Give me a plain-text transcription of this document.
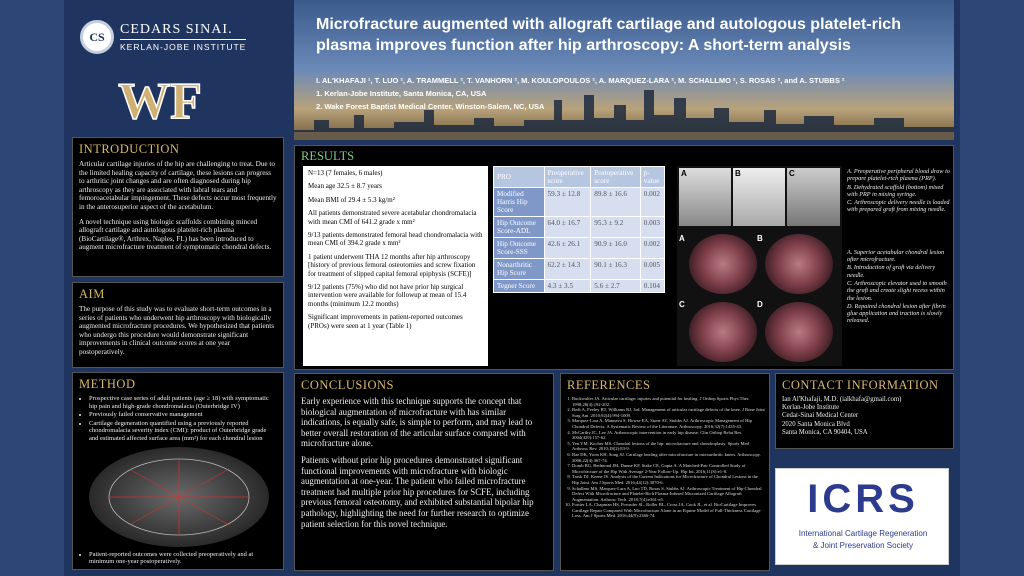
CS	CEDARS SINAI.
KERLAN-JOBE INSTITUTE
WF
Microfracture augmented with allograft cartilage and autologous platelet-rich plasma improves function after hip arthroscopy: A short-term analysis
I. AL'KHAFAJI ¹, T. LUO ², A. TRAMMELL ², T. VANHORN ², M. KOULOPOULOS ², A. MARQUEZ-LARA ², M. SCHALLMO ², S. ROSAS ², and A. STUBBS ²
1. Kerlan-Jobe Institute, Santa Monica, CA, USA
2. Wake Forest Baptist Medical Center, Winston-Salem, NC, USA
INTRODUCTION

Articular cartilage injuries of the hip are challenging to treat. Due to the limited healing capacity of cartilage, these lesions can progress to arthritic joint changes and are often diagnosed during hip arthroscopy as they are associated with labral tears and femoroacetabular impingement. These defects occur most frequently in the anterosuperior aspect of the acetabulum.

A novel technique using biologic scaffolds combining minced allograft cartilage and autologous platelet-rich plasma (BioCartilage®, Arthrex, Naples, FL) has been introduced to augment microfracture treatment of symptomatic chondral defects.

AIM

The purpose of this study was to evaluate short-term outcomes in a series of patients who underwent hip arthroscopy with biologically augmented microfracture procedures. We hypothesized that patients who undergo this procedure would demonstrate significant improvements in clinical outcome scores at one year postoperatively.

METHOD
• Prospective case series of adult patients (age ≥ 18) with symptomatic hip pain and high-grade chondromalacia (Outerbridge IV)
• Previously failed conservative management
• Cartilage degeneration quantified using a previously reported chondromalacia severity index (CMI): product of Outerbridge grade and estimated affected surface area (mm²) for each chondral lesion
• Patient-reported outcomes were collected preoperatively and at minimum one-year postoperatively.
RESULTS
N=13 (7 females, 6 males)
Mean age 32.5 ± 8.7 years
Mean BMI of 29.4 ± 5.3 kg/m²
All patients demonstrated severe acetabular chondromalacia with mean CMI of 641.2 grade x mm²
9/13 patients demonstrated femoral head chondromalacia with mean CMI of 394.2 grade x mm²
1 patient underwent THA 12 months after hip arthroscopy [history of previous femoral osteotomies and screw fixation for treatment of slipped capital femoral epiphysis (SCFE)]
9/12 patients (75%) who did not have prior hip surgical intervention were available for followup at mean of 15.4 months (minimum 12.2 months)
Significant improvements in patient-reported outcomes (PROs) were seen at 1 year (Table 1)
PRO	Preoperative score	Postoperative score	p-value
Modified Harris Hip Score	59.3 ± 12.8	89.8 ± 16.6	0.002
Hip Outcome Score-ADL	64.0 ± 16.7	95.3 ± 9.2	0.003
Hip Outcome Score-SSS	42.6 ± 26.1	90.9 ± 16.0	0.002
Nonarthritic Hip Score	62.2 ± 14.3	90.1 ± 16.3	0.005
Tegner Score	4.3 ± 3.5	5.6 ± 2.7	0.104
A	B	C
A	B
C	D
A. Preoperative peripheral blood draw to prepare platelet-rich plasma (PRP).
B. Dehydrated scaffold (bottom) mixed with PRP in mixing syringe.
C. Arthroscopic delivery needle is loaded with prepared graft from mixing needle.
A. Superior acetabular chondral lesion after microfracture.
B. Introduction of graft via delivery needle.
C. Arthroscopic elevator used to smooth the graft and create slight recess within the lesion.
D. Repaired chondral lesion after fibrin glue application and traction is slowly released.
CONCLUSIONS

Early experience with this technique supports the concept that biological augmentation of microfracture with has similar indications, is equally safe, is simple to perform, and may lead to better overall restoration of the articular surface compared with microfracture alone.

Patients without prior hip procedures demonstrated significant functional improvements with microfracture with biologic augmentation at one-year. The patient who failed microfracture treatment had multiple prior hip procedures for SCFE, including previous femoral osteotomy, and exhibited substantial bipolar hip pathology, highlighting the need for further research to optimize patient selection for this novel technique.

REFERENCES
1. Buckwalter JA. Articular cartilage: injuries and potential for healing. J Orthop Sports Phys Ther. 1998;28(4):192-202.
2. Bedi A, Feeley BT, Williams RJ, 3rd. Management of articular cartilage defects of the knee. J Bone Joint Surg Am. 2010;92(4):994-1009.
3. Marquez-Lara A, Mannava S, Howse EA, Stone AV, Stubbs AJ. Arthroscopic Management of Hip Chondral Defects: A Systematic Review of the Literature. Arthroscopy. 2016;32(7):1435-43.
4. McCarthy JC, Lee JA. Arthroscopic intervention in early hip disease. Clin Orthop Relat Res. 2004(429):157-62.
5. Yen YM, Kocher MS. Chondral lesions of the hip: microfracture and chondroplasty. Sports Med Arthrosc Rev. 2010;18(2):83-9.
6. Bae DK, Yoon KH, Song SJ. Cartilage healing after microfracture in osteoarthritic knees. Arthroscopy. 2006;22(4):367-74.
7. Domb BG, Redmond JM, Dunne KF, Stake CE, Gupta A. A Matched-Pair Controlled Study of Microfracture of the Hip With Average 2-Year Follow-Up. Hip Int. 2016;11(S):e1-8.
8. Trask DJ, Keene JS. Analysis of the Current Indications for Microfracture of Chondral Lesions in the Hip Joint. Am J Sports Med. 2016;44(12):3070-6.
9. Schallmo MS, Marquez-Lara A, Luo TD, Rosas S, Stubbs AJ. Arthroscopic Treatment of Hip Chondral Defect With Microfracture and Platelet-Rich Plasma-Infused Micronized Cartilage Allograft Augmentation. Arthrosc Tech. 2018;7(4):e361-e5.
10. Fortier LA, Chapman HS, Pownder SL, Roller BL, Cross JA, Cook JL, et al. BioCartilage Improves Cartilage Repair Compared With Microfracture Alone in an Equine Model of Full-Thickness Cartilage Loss. Am J Sports Med. 2016;44(9):2366-74.
CONTACT INFORMATION
Ian Al'Khafaji, M.D. (ialkhafa@gmail.com)
Kerlan-Jobe Institute
Cedar-Sinai Medical Center
2020 Santa Monica Blvd
Santa Monica, CA 90404, USA
ICRS
International Cartilage Regeneration
& Joint Preservation Society
